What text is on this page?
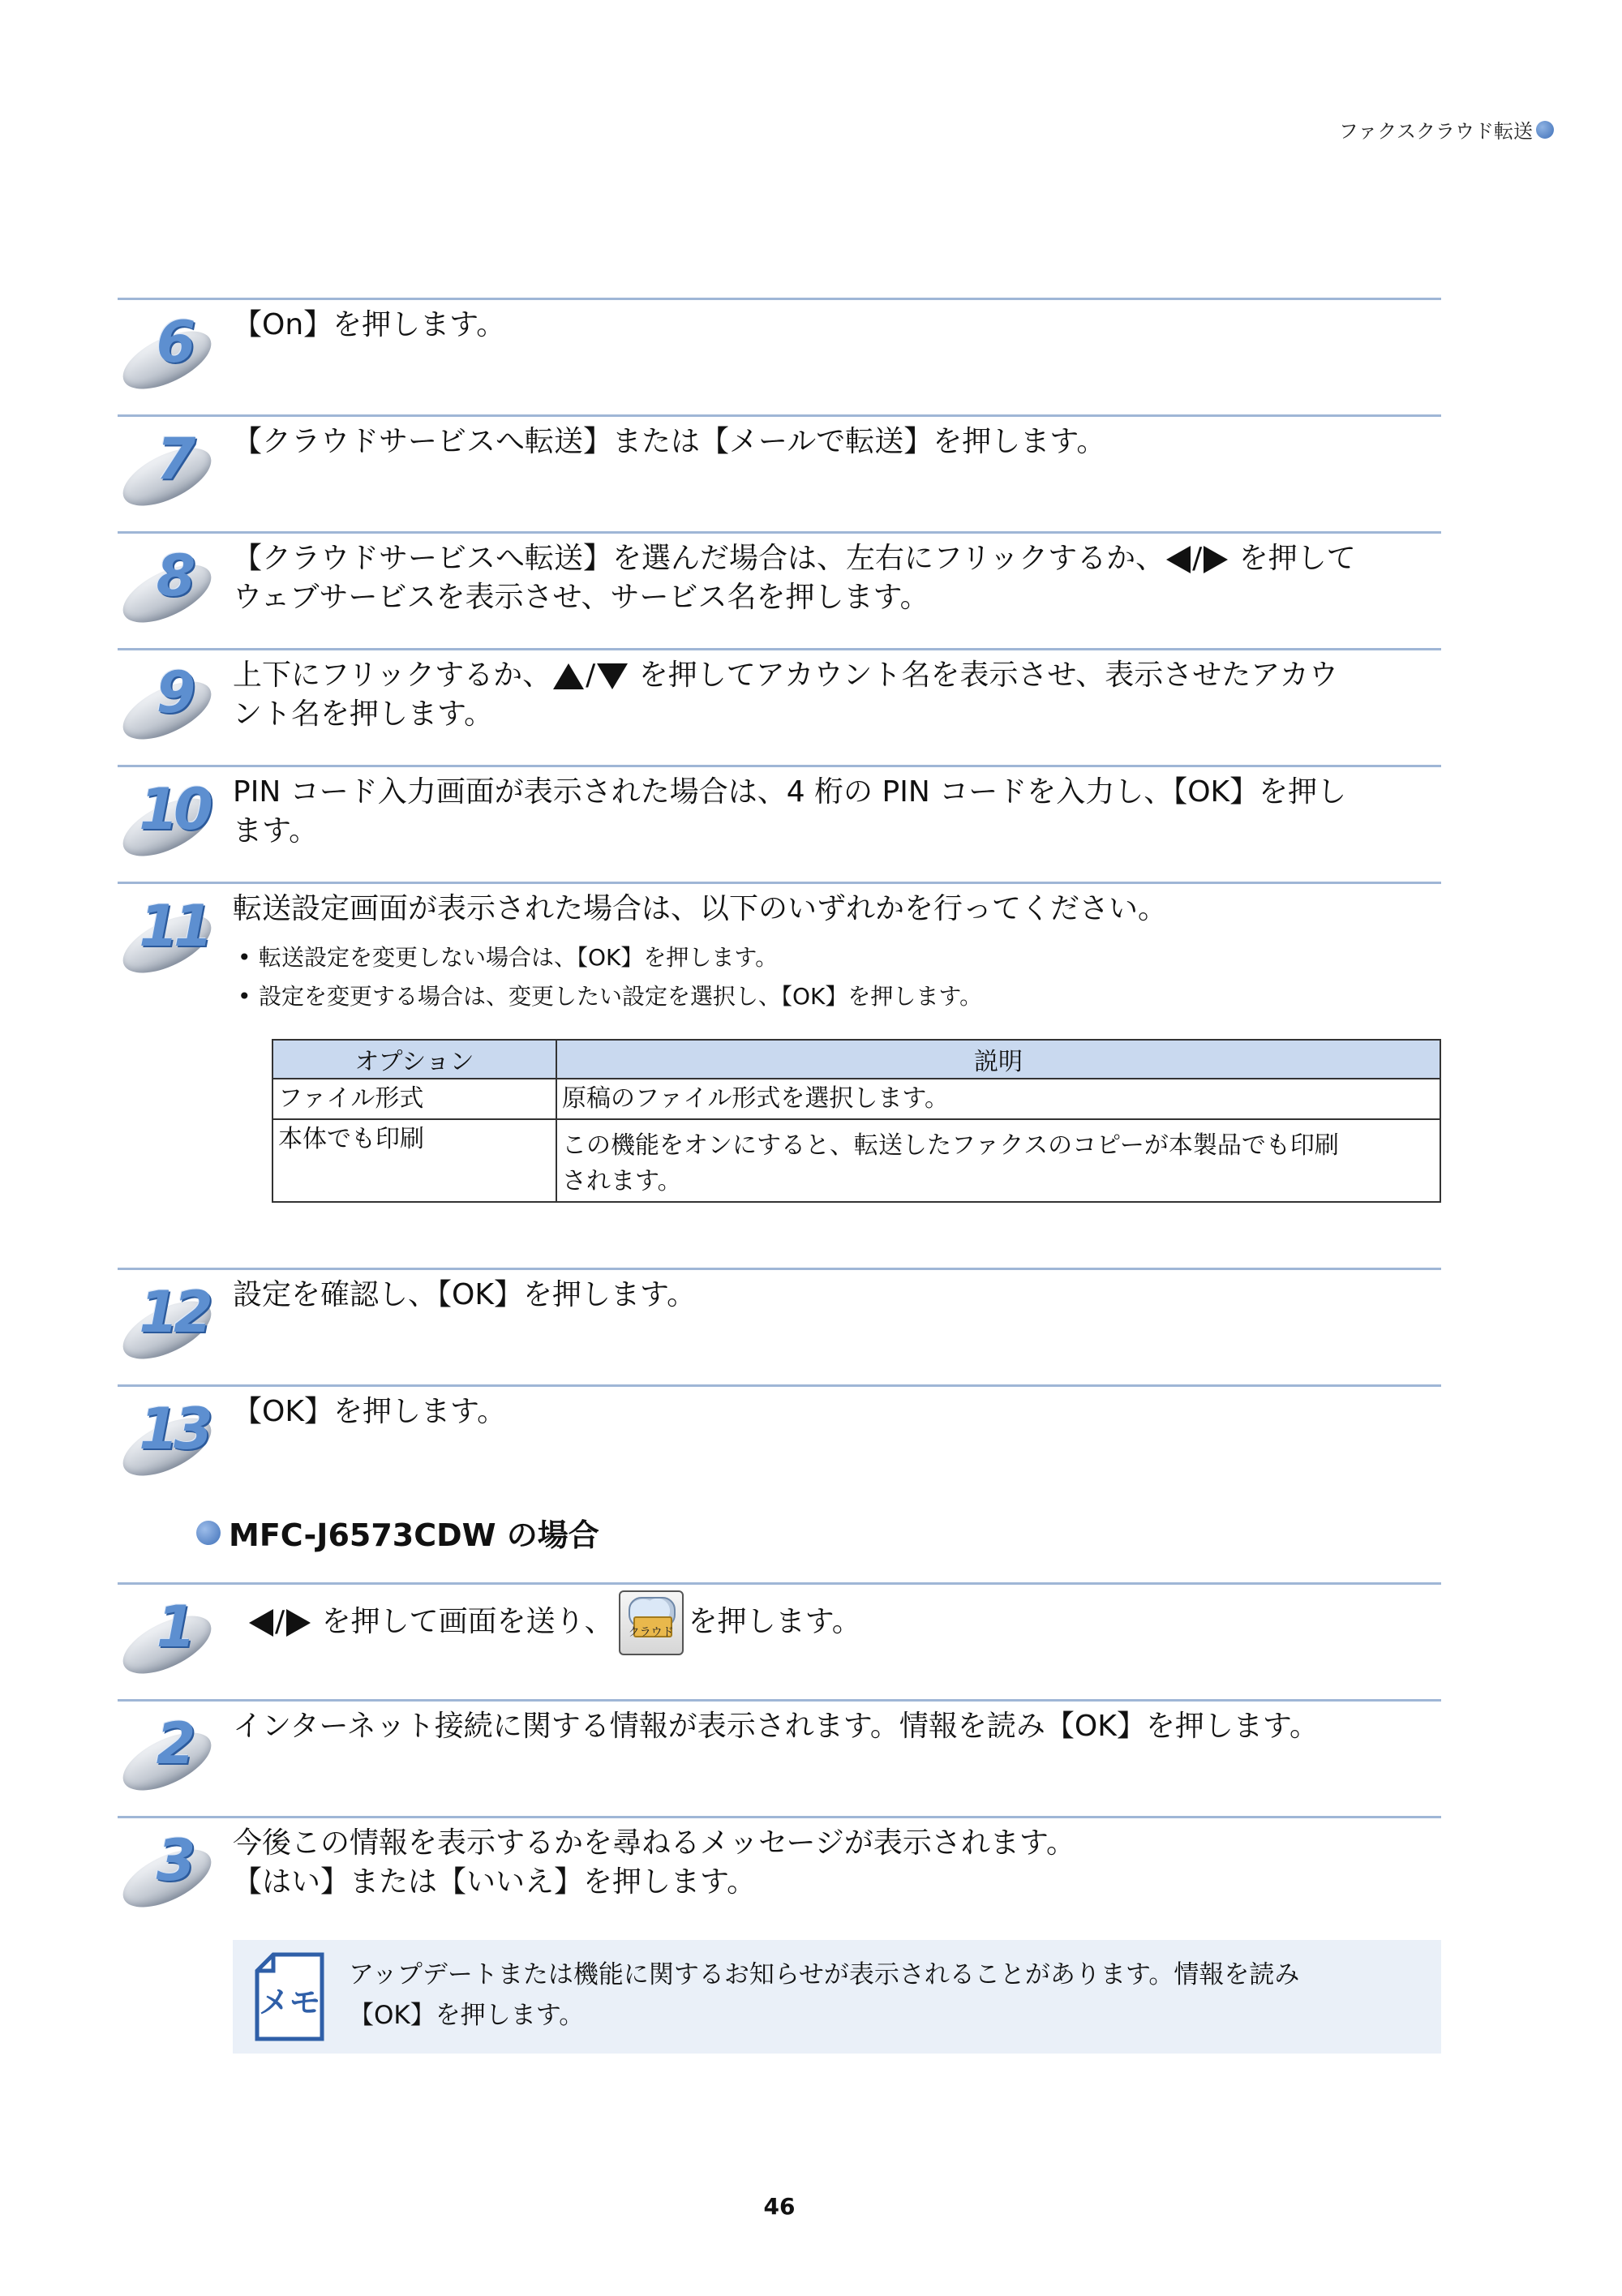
ファクスクラウド転送
6	【On】を押します。
7	【クラウドサービスへ転送】または【メールで転送】を押します。
8	【クラウドサービスへ転送】を選んだ場合は、左右にフリックするか、 / を押して
ウェブサービスを表示させ、サービス名を押します。
9	上下にフリックするか、 / を押してアカウント名を表示させ、表示させたアカウ
ント名を押します。
10 PIN コード入力画面が表示された場合は、4 桁の PIN コードを入力し、【OK】を押し
ます。
11 転送設定画面が表示された場合は、以下のいずれかを行ってください。
• 転送設定を変更しない場合は、【OK】を押します。
• 設定を変更する場合は、変更したい設定を選択し、【OK】を押します。
オプション	説明
ファイル形式	原稿のファイル形式を選択します。
本体でも印刷	この機能をオンにすると、転送したファクスのコピーが本製品でも印刷
されます。
12 設定を確認し、【OK】を押します。
13 【OK】を押します。
MFC-J6573CDW の場合
1	/ を押して画面を送り、	クラウド を押します。
2	インターネット接続に関する情報が表示されます。情報を読み【OK】を押します。
3	今後この情報を表示するかを尋ねるメッセージが表示されます。
【はい】または【いいえ】を押します。
メモ
アップデートまたは機能に関するお知らせが表示されることがあります。情報を読み
【OK】を押します。
46
